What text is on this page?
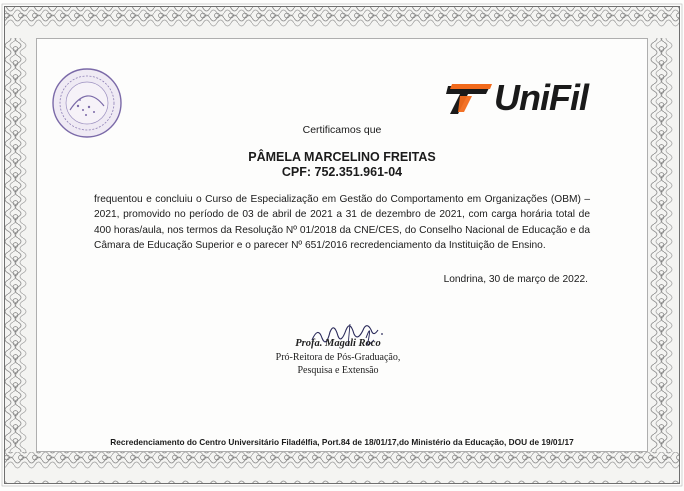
UniFil
Certificamos que
PÂMELA MARCELINO FREITAS
CPF: 752.351.961-04
frequentou e concluiu o Curso de Especialização em Gestão do Comportamento em Organizações (OBM) – 2021, promovido no período de 03 de abril de 2021 a 31 de dezembro de 2021, com carga horária total de 400 horas/aula, nos termos da Resolução Nº 01/2018 da CNE/CES, do Conselho Nacional de Educação e da Câmara de Educação Superior e o parecer Nº 651/2016 recredenciamento da Instituição de Ensino.
Londrina, 30 de março de 2022.
Profa. Magali Roco
Pró-Reitora de Pós-Graduação,
Pesquisa e Extensão
Recredenciamento do Centro Universitário Filadélfia, Port.84 de 18/01/17,do Ministério da Educação, DOU de 19/01/17
